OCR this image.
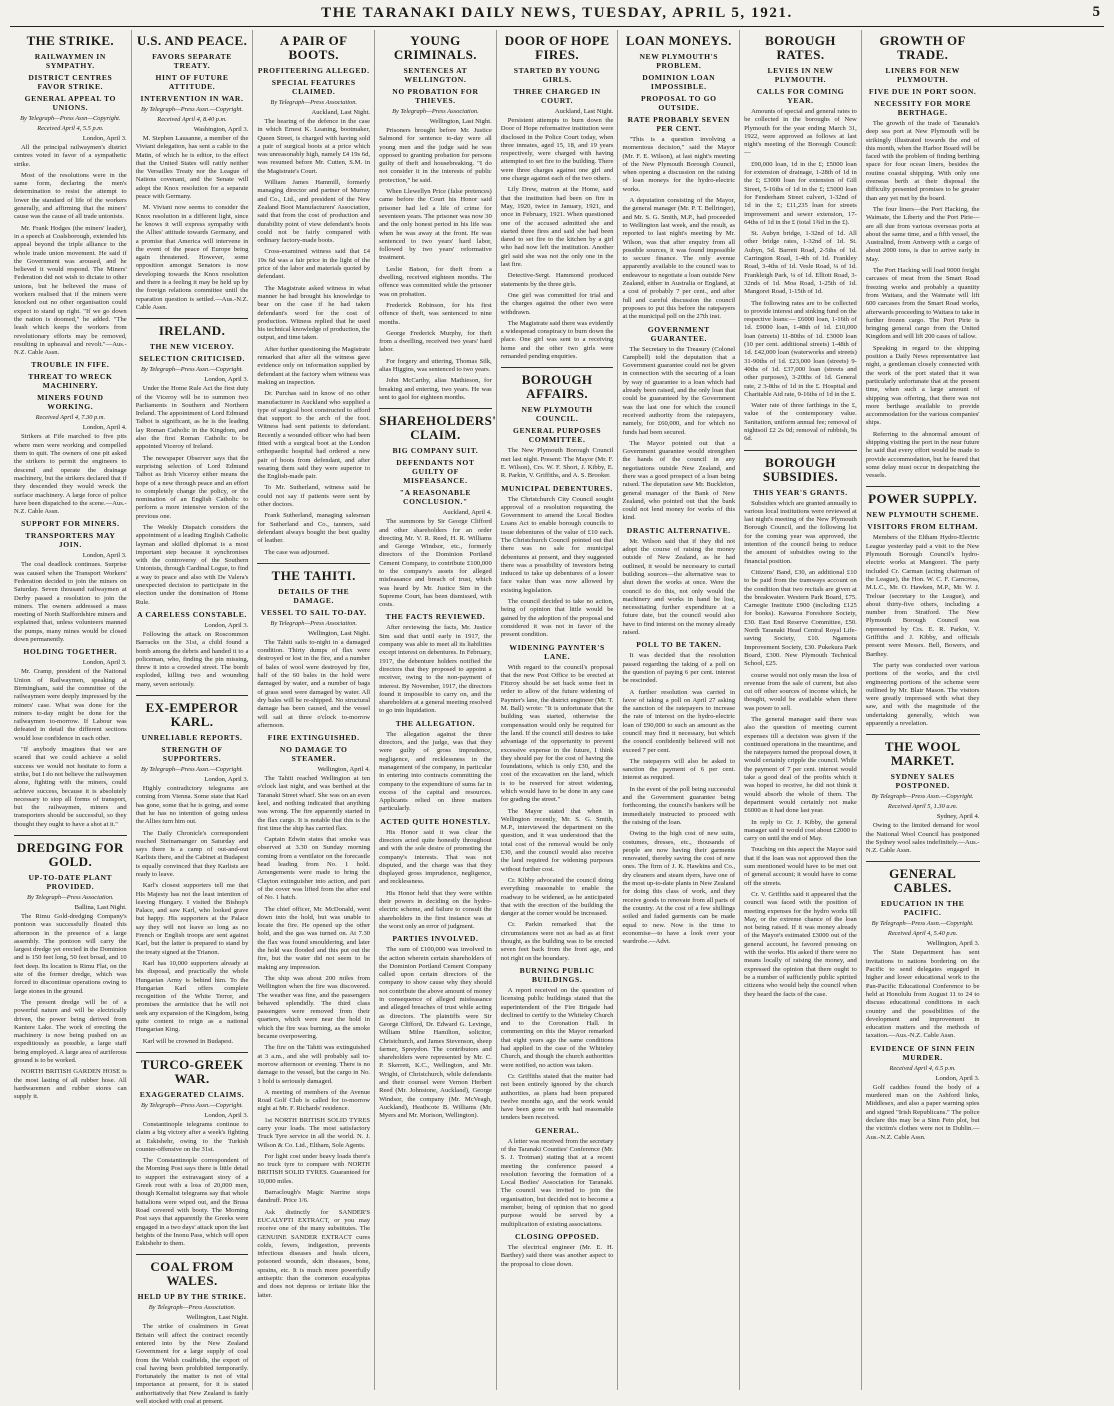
THE TARANAKI DAILY NEWS, TUESDAY, APRIL 5, 1921.	5
THE STRIKE.
RAILWAYMEN IN SYMPATHY.
DISTRICT CENTRES FAVOR STRIKE.
GENERAL APPEAL TO UNIONS.
By Telegraph—Press Assn—Copyright.
Received April 4, 5.5 p.m.
London, April 3.
All the principal railwaymen's district centres voted in favor of a sympathetic strike.
Most of the resolutions were in the same form, declaring the men's determination to resist the attempt to lower the standard of life of the workers generally, and affirming that the miners' cause was the cause of all trade unionists.
Mr. Frank Hodges (the miners' leader), in a speech at Coalsborough, extended his appeal beyond the triple alliance to the whole trade union movement. He said if the Government was aroused, and he believed it would respond. The Miners' Federation did not wish to dictate to other unions, but he believed the mass of workers realised that if the miners were knocked out no other organisation could expect to stand up right. "If we go down the nation is doomed," he added. "The leash which keeps the workers from revolutionary efforts may be removed, resulting in upheaval and revolt."—Aus.-N.Z. Cable Assn.
TROUBLE IN FIFE.
THREAT TO WRECK MACHINERY.
MINERS FOUND WORKING.
Received April 4, 7.30 p.m.
London, April 4.
Strikers at Fife marched to five pits where men were working and compelled them to quit. The owners of one pit asked the strikers to permit the engineers to descend and operate the drainage machinery, but the strikers declared that if they descended they would wreck the surface machinery. A large force of police have been dispatched to the scene.—Aus.-N.Z. Cable Assn.
SUPPORT FOR MINERS.
TRANSPORTERS MAY JOIN.
London, April 3.
The coal deadlock continues. Surprise was caused when the Transport Workers' Federation decided to join the miners on Saturday. Seven thousand railwaymen at Derby passed a resolution to join the miners. The owners addressed a mass meeting of North Staffordshire miners and explained that, unless volunteers manned the pumps, many mines would be closed down permanently.
HOLDING TOGETHER.
London, April 3.
Mr. Cramp, president of the National Union of Railwaymen, speaking at Birmingham, said the committee of the railwaymen were deeply impressed by the miners' case. What was done for the miners to-day might be done for the railwaymen to-morrow. If Labour was defeated in detail the different sections would lose confidence in each other.
"If anybody imagines that we are scared that we could achieve a solid success we would not hesitate to form a strike, but I do not believe the railwaymen alone, fighting with the miners, could achieve success, because it is absolutely necessary to stop all forms of transport, but the railwaymen, miners and transporters should be successful, so they thought they ought to have a shot at it."
DREDGING FOR GOLD.
UP-TO-DATE PLANT PROVIDED.
By Telegraph—Press Association.
Ballina, Last Night.
The Rimu Gold-dredging Company's pontoon was successfully floated this afternoon in the presence of a large assembly. The pontoon will carry the largest dredge yet erected in the Dominion and is 150 feet long, 50 feet broad, and 10 feet deep. Its location is Rimu Flat, on the site of the former dredge, which was forced to discontinue operations owing to large stones in the ground.
The present dredge will be of a powerful nature and will be electrically driven, the power being derived from Kaniere Lake. The work of erecting the machinery is now being pushed on as expeditiously as possible, a large staff being employed. A large area of auriferous ground is to be worked.
NORTH BRITISH GARDEN HOSE is the most lasting of all rubber hose. All hardwaremen and rubber stores can supply it.
U.S. AND PEACE.
FAVORS SEPARATE TREATY.
HINT OF FUTURE ATTITUDE.
INTERVENTION IN WAR.
By Telegraph—Press Assn.—Copyright.
Received April 4, 8.40 p.m.
Washington, April 3.
M. Stephen Lausanne, a member of the Viviani delegation, has sent a cable to the Matin, of which he is editor, to the effect that the United States will ratify neither the Versailles Treaty nor the League of Nations covenant, and the Senate will adopt the Knox resolution for a separate peace with Germany.
M. Viviani now seems to consider the Knox resolution in a different light, since he knows it will express sympathy with the Allies' attitude towards Germany, and a promise that America will intervene in the event of the peace of Europe being again threatened. However, some opposition amongst Senators is now developing towards the Knox resolution and there is a feeling it may be held up by the foreign relations committee until the reparation question is settled.—Aus.-N.Z. Cable Assn.
IRELAND.
THE NEW VICEROY.
SELECTION CRITICISED.
By Telegraph—Press Assn.—Copyright.
London, April 3.
Under the Home Rule Act the first duty of the Viceroy will be to summon two Parliaments in Southern and Northern Ireland. The appointment of Lord Edmund Talbot is significant, as he is the leading lay Roman Catholic in the Kingdom, and also the first Roman Catholic to be appointed Viceroy of Ireland.
The newspaper Observer says that the surprising selection of Lord Edmund Talbot as Irish Viceroy either means the hope of a new through peace and an effort to completely change the policy, or the nomination of an English Catholic to perform a more intensive version of the previous one.
The Weekly Dispatch considers the appointment of a leading English Catholic layman and skilled diplomat is a most important step because it synchronises with the controversy of the Southern Unionists, through Cardinal Logue, to find a way to peace and also with De Valera's unexpected decision to participate in the election under the domination of Home Rule.
A CARELESS CONSTABLE.
London, April 3.
Following the attack on Roscommon Barracks on the 31st, a child found a bomb among the debris and handed it to a policeman, who, finding the pin missing, threw it into a crowded street. The bomb exploded, killing two and wounding many, seven seriously.
EX-EMPEROR KARL.
UNRELIABLE REPORTS.
STRENGTH OF SUPPORTERS.
By Telegraph—Press Assn.—Copyright.
London, April 3.
Highly contradictory telegrams are coming from Vienna. Some state that Karl has gone, some that he is going, and some that he has no intention of going unless the Allies turn him out.
The Daily Chronicle's correspondent reached Steinamanger on Saturday and says there is a camp of out-and-out Karlists there, and the Cabinet at Budapest is equally convinced that they Karlists are ready to leave.
Karl's closest supporters tell me that His Majesty has not the least intention of leaving Hungary. I visited the Bishop's Palace, and saw Karl, who looked grave but happy. His supporters at the Palace say they will not leave so long as no French or English troops are sent against Karl, but the latter is prepared to stand by the treaty signed at the Trianon.
Karl has 10,000 supporters already at his disposal, and practically the whole Hungarian Army is behind him. To the Hungarian Karl offers complete recognition of the White Terror, and promises the armistice that he will not seek any expansion of the Kingdom, being quite content to reign as a national Hungarian King.
Karl will be crowned in Budapest.
TURCO-GREEK WAR.
EXAGGERATED CLAIMS.
By Telegraph—Press Assn.—Copyright.
London, April 3.
Constantinople telegrams continue to claim a big victory after a week's fighting at Eskishehr, owing to the Turkish counter-offensive on the 31st.
The Constantinople correspondent of the Morning Post says there is little detail to support the extravagant story of a Greek rout with a loss of 20,000 men, though Kemalist telegrams say that whole battalions were wiped out, and the Brusa Road covered with booty. The Morning Post says that apparently the Greeks were engaged in a two days' attack upon the last heights of the Inonu Pass, which will open Eskishehr to them.
COAL FROM WALES.
HELD UP BY THE STRIKE.
By Telegraph—Press Association.
Wellington, Last Night.
The strike of coalminers in Great Britain will affect the contract recently entered into by the New Zealand Government for a large supply of coal from the Welsh coalfields, the export of coal having been prohibited temporarily. Fortunately the matter is not of vital importance at present, for it is stated authoritatively that New Zealand is fairly well stocked with coal at present.
A PAIR OF BOOTS.
PROFITEERING ALLEGED.
SPECIAL FEATURES CLAIMED.
By Telegraph—Press Association.
Auckland, Last Night.
The hearing of the defence in the case in which Ernest K. Leaning, bootmaker, Queen Street, is charged with having sold a pair of surgical boots at a price which was unreasonably high, namely £4 19s 6d, was resumed before Mr. Cutten, S.M. in the Magistrate's Court.
William James Hammill, formerly managing director and partner of Murray and Co., Ltd., and president of the New Zealand Boot Manufacturers' Association, said that from the cost of production and durability point of view defendant's boots could not be fairly compared with ordinary factory-made boots.
Cross-examined witness said that £4 19s 6d was a fair price in the light of the price of the labor and materials quoted by defendant.
The Magistrate asked witness in what manner he had brought his knowledge to bear on the case if he had taken defendant's word for the cost of production. Witness replied that he used his technical knowledge of production, the output, and time taken.
After further questioning the Magistrate remarked that after all the witness gave evidence only on information supplied by defendant at the factory when witness was making an inspection.
Dr. Purchas said in know of no other manufacturer in Auckland who supplied a type of surgical boot constructed to afford that support to the arch of the foot. Witness had sent patients to defendant. Recently a wounded officer who had been fitted with a surgical boot at the London orthopaedic hospital had ordered a new pair of boots from defendant, and after wearing them said they were superior to the English-made pair.
To Mr. Sutherland, witness said he could not say if patients were sent by other doctors.
Frank Sutherland, managing salesman for Sutherland and Co., tanners, said defendant always bought the best quality of leather.
The case was adjourned.
THE TAHITI.
DETAILS OF THE DAMAGE.
VESSEL TO SAIL TO-DAY.
By Telegraph—Press Association.
Wellington, Last Night.
The Tahiti sails to-night in a damaged condition. Thirty dumps of flax were destroyed or lost in the fire, and a number of bales of wool were destroyed by fire, half of the 60 bales in the hold were damaged by water, and a number of bags of grass seed were damaged by water. All dry bales will be re-shipped. No structural damage has been caused, and the vessel will sail at three o'clock to-morrow afternoon.
FIRE EXTINGUISHED.
NO DAMAGE TO STEAMER.
Wellington, April 4.
The Tahiti reached Wellington at ten o'clock last night, and was berthed at the Taranaki Street wharf. She was on an even keel, and nothing indicated that anything was wrong. The fire apparently started in the flax cargo. It is notable that this is the first time the ship has carried flax.
Captain Edwin states that smoke was observed at 3.30 on Sunday morning coming from a ventilator on the forecastle head leading from No. 1 hold. Arrangements were made to bring the Clayton extinguisher into action, and part of the cover was lifted from the after end of No. 1 hatch.
The chief officer, Mr. McDonald, went down into the hold, but was unable to locate the fire. He opened up the other hold, and the gas was turned on. At 7.30 the flax was found smouldering, and later the hold was flooded and this put out the fire, but the water did not seem to be making any impression.
The ship was about 200 miles from Wellington when the fire was discovered. The weather was fine, and the passengers behaved splendidly. The third class passengers were removed from their quarters, which were near the hold in which the fire was burning, as the smoke became overpowering.
The fire on the Tahiti was extinguished at 3 a.m., and she will probably sail to-morrow afternoon or evening. There is no damage to the vessel, but the cargo in No. 1 hold is seriously damaged.
A meeting of members of the Avenue Road Golf Club is called for to-morrow night at Mr. F. Richards' residence.
1st NORTH BRITISH SOLID TYRES carry your loads. The most satisfactory Truck Tyre service in all the world. N. J. Wilson & Co. Ltd., Eltham, Sole Agents.
For light cost under heavy loads there's no truck tyre to compare with NORTH BRITISH SOLID TYRES. Guaranteed for 10,000 miles.
Barraclough's Magic Narrine stops dandruff. Price 1/6.
Ask distinctly for SANDER'S EUCALYPTI EXTRACT, or you may receive one of the many substitutes. The GENUINE SANDER EXTRACT cures colds, fevers, indigestion, prevents infectious diseases and heals ulcers, poisoned wounds, skin diseases, bone, sprains, etc. It is much more powerfully antiseptic than the common eucalyptus and does not depress or irritate like the latter.
YOUNG CRIMINALS.
SENTENCES AT WELLINGTON.
NO PROBATION FOR THIEVES.
By Telegraph—Press Association.
Wellington, Last Night.
Prisoners brought before Mr. Justice Salmond for sentence to-day were all young men and the judge said he was opposed to granting probation for persons guilty of theft and housebreaking. "I do not consider it in the interests of public protection," he said.
When Llewellyn Price (false pretences) came before the Court his Honor said prisoner had led a life of crime for seventeen years. The prisoner was now 30 and the only honest period in his life was when he was away at the front. He was sentenced to two years' hard labor, followed by two years' reformative treatment.
Leslie Batson, for theft from a dwelling, received eighteen months. The offence was committed while the prisoner was on probation.
Frederick Robinson, for his first offence of theft, was sentenced to nine months.
George Frederick Murphy, for theft from a dwelling, received two years' hard labor.
For forgery and uttering, Thomas Silk, alias Higgins, was sentenced to two years.
John McCarthy, alias Mathieson, for breaking and entering, two years. He was sent to gaol for eighteen months.
SHAREHOLDERS' CLAIM.
BIG COMPANY SUIT.
DEFENDANTS NOT GUILTY OF MISFEASANCE.
"A REASONABLE CONCLUSION."
Auckland, April 4.
The summons by Sir George Clifford and other shareholders for an order directing Mr. V. R. Reed, H. R. Williams and George Windsor, etc., formerly directors of the Dominion Portland Cement Company, to contribute £100,000 to the company's assets for alleged misfeasance and breach of trust, which was heard by Mr. Justice Sim in the Supreme Court, has been dismissed, with costs.
THE FACTS REVIEWED.
After reviewing the facts, Mr. Justice Sim said that until early in 1917, the company was able to meet all its liabilities except interest on debentures. In February, 1917, the debenture holders notified the directors that they proposed to appoint a receiver, owing to the non-payment of interest. By November, 1917, the directors found it impossible to carry on, and the shareholders at a general meeting resolved to go into liquidation.
THE ALLEGATION.
The allegation against the three directors, and the judge, was that they were guilty of gross imprudence, negligence, and recklessness in the management of the company, in particular in entering into contracts committing the company to the expenditure of sums far in excess of the capital and resources. Applicants relied on three matters particularly.
ACTED QUITE HONESTLY.
His Honor said it was clear the directors acted quite honestly throughout and with the sole desire of promoting the company's interests. That was not disputed, and the charge was that they displayed gross imprudence, negligence, and recklessness.
His Honor held that they were within their powers in deciding on the hydro-electric scheme, and failure to consult the shareholders in the first instance was at the worst only an error of judgment.
PARTIES INVOLVED.
The sum of £100,000 was involved in the action wherein certain shareholders of the Dominion Portland Cement Company called upon certain directors of the company to show cause why they should not contribute the above amount of money in consequence of alleged misfeasance and alleged breaches of trust while acting as directors. The plaintiffs were Sir George Clifford, Dr. Edward G. Levinge, William Milne Hamilton, solicitor, Christchurch, and James Stevenson, sheep farmer, Spreydon. The contributors and shareholders were represented by Mr. C. P. Skerrett, K.C., Wellington, and Mr. Wright, of Christchurch, while defendants and their counsel were Vernon Herbert Reed (Mr. Johnstone, Auckland), George Windsor, the company (Mr. McVeagh, Auckland), Heathcote B. Williams (Mr. Myers and Mr. Morison, Wellington).
DOOR OF HOPE FIRES.
STARTED BY YOUNG GIRLS.
THREE CHARGED IN COURT.
Auckland, Last Night.
Persistent attempts to burn down the Door of Hope reformative institution were disclosed in the Police Court today, when three inmates, aged 15, 18, and 19 years respectively, were charged with having attempted to set fire to the building. There were three charges against one girl and one charge against each of the two others.
Lily Drew, matron at the Home, said that the institution had been on fire in May, 1920, twice in January, 1921, and once in February, 1921. When questioned one of the accused admitted she and started three fires and said she had been dared to set fire to the kitchen by a girl who had now left the institution. Another girl said she was not the only one in the last fire.
Detective-Sergt. Hammond produced statements by the three girls.
One girl was committed for trial and the charges against the other two were withdrawn.
The Magistrate said there was evidently a widespread conspiracy to burn down the place. One girl was sent to a receiving home and the other two girls were remanded pending enquiries.
BOROUGH AFFAIRS.
NEW PLYMOUTH COUNCIL.
GENERAL PURPOSES COMMITTEE.
The New Plymouth Borough Council met last night. Present: The Mayor (Mr. F. E. Wilson), Crs. W. F. Short, J. Kibby, E. R. Parkin, V. Griffiths, and A. S. Brooker.
MUNICIPAL DEBENTURES.
The Christchurch City Council sought approval of a resolution requesting the Government to amend the Local Bodies Loans Act to enable borough councils to issue debentures of the value of £10 each. The Christchurch Council pointed out that there was no sale for municipal debentures at present, and they suggested there was a possibility of investors being induced to take up debentures of a lower face value than was now allowed by existing legislation.
The council decided to take no action, being of opinion that little would be gained by the adoption of the proposal and considered it was not in favor of the present condition.
WIDENING PAYNTER'S LANE.
With regard to the council's proposal that the new Post Office to be erected at Fitzroy should be set back some feet in order to allow of the future widening of Paynter's lane, the district engineer (Mr. T. M. Ball) wrote: "It is unfortunate that the building was started, otherwise the compensation would only be required for the land. If the council still desires to take advantage of the opportunity to prevent excessive expense in the future, I think they should pay for the cost of having the foundations, which is only £30, and the cost of the excavation on the land, which is to be reserved for street widening, which would have to be done in any case for grading the street."
The Mayor stated that when in Wellington recently, Mr. S. G. Smith, M.P., interviewed the department on the question, and it was understood that the total cost of the removal would be only £30, and the council would also receive the land required for widening purposes without further cost.
Cr. Kibby advocated the council doing everything reasonable to enable the roadway to be widened, as he anticipated that with the erection of the building the danger at the corner would be increased.
Cr. Parkin remarked that the circumstances were not as bad as at first thought, as the building was to be erected seven feet back from the front age, and not right on the boundary.
BURNING PUBLIC BUILDINGS.
A report received on the question of licensing public buildings stated that the superintendent of the Fire Brigade had declined to certify to the Whiteley Church and to the Coronation Hall. In commenting on this the Mayor remarked that eight years ago the same conditions had applied in the case of the Whiteley Church, and though the church authorities were notified, no action was taken.
Cr. Griffiths stated that the matter had not been entirely ignored by the church authorities, as plans had been prepared twelve months ago, and the work would have been gone on with had reasonable tenders been received.
GENERAL.
A letter was received from the secretary of the Taranaki Counties' Conference (Mr. S. J. Trotman) stating that at a recent meeting the conference passed a resolution favoring the formation of a Local Bodies' Association for Taranaki. The council was invited to join the organisation, but decided not to become a member, being of opinion that no good purpose would be served by a multiplication of existing associations.
CLOSING OPPOSED.
The electrical engineer (Mr. E. H. Barthey) said there was another aspect to the proposal to close down.
LOAN MONEYS.
NEW PLYMOUTH'S PROBLEM.
DOMINION LOAN IMPOSSIBLE.
PROPOSAL TO GO OUTSIDE.
RATE PROBABLY SEVEN PER CENT.
"This is a question involving a momentous decision," said the Mayor (Mr. F. E. Wilson), at last night's meeting of the New Plymouth Borough Council, when opening a discussion on the raising of loan moneys for the hydro-electric works.
A deputation consisting of the Mayor, the general manager (Mr. P. T. Bellringer), and Mr. S. G. Smith, M.P., had proceeded to Wellington last week, and the result, as reported to last night's meeting by Mr. Wilson, was that after enquiry from all possible sources, it was found impossible to secure finance. The only avenue apparently available to the council was to endeavour to negotiate a loan outside New Zealand, either in Australia or England, at a cost of probably 7 per cent., and after full and careful discussion the council proposes to put this before the ratepayers at the municipal poll on the 27th inst.
GOVERNMENT GUARANTEE.
The Secretary to the Treasury (Colonel Campbell) told the deputation that a Government guarantee could not be given in connection with the securing of a loan by way of guarantee to a loan which had already been raised, and the only loan that could be guaranteed by the Government was the last one for which the council received authority from the ratepayers, namely, for £60,000, and for which no funds had been secured.
The Mayor pointed out that a Government guarantee would strengthen the hands of the council in any negotiations outside New Zealand, and there was a good prospect of a loan being raised. The deputation saw Mr. Buckleton, general manager of the Bank of New Zealand, who pointed out that the bank could not lend money for works of this kind.
DRASTIC ALTERNATIVE.
Mr. Wilson said that if they did not adopt the course of raising the money outside of New Zealand, as he had outlined, it would be necessary to curtail building sources—the alternative was to shut down the works at once. Were the council to do this, not only would the machinery and works in hand be lost, necessitating further expenditure at a future date, but the council would also have to find interest on the money already raised.
POLL TO BE TAKEN.
It was decided that the resolution passed regarding the taking of a poll on the question of paying 6 per cent. interest be rescinded.
A further resolution was carried in favor of taking a poll on April 27 asking the sanction of the ratepayers to increase the rate of interest on the hydro-electric loan of £90,000 to such an amount as the council may find it necessary, but which the council confidently believed will not exceed 7 per cent.
The ratepayers will also be asked to sanction the payment of 6 per cent. interest as required.
In the event of the poll being successful and the Government guarantee being forthcoming, the council's bankers will be immediately instructed to proceed with the raising of the loan.
Owing to the high cost of new suits, costumes, dresses, etc., thousands of people are now having their garments renovated, thereby saving the cost of new ones. The firm of J. K. Hawkins and Co., dry cleaners and steam dyers, have one of the most up-to-date plants in New Zealand for doing this class of work, and they receive goods to renovate from all parts of the country. At the cost of a few shillings soiled and faded garments can be made equal to new. Now is the time to economise—to have a look over your wardrobe.—Advt.
BOROUGH RATES.
LEVIES IN NEW PLYMOUTH.
CALLS FOR COMING YEAR.
Amounts of special and general rates to be collected in the boroughs of New Plymouth for the year ending March 31, 1922, were approved as follows at last night's meeting of the Borough Council:—
£90,000 loan, 1d in the £; £5000 loan for extension of drainage, 1-28th of 1d in the £; £3000 loan for extension of Gill Street, 5-16ths of 1d in the £; £5000 loan for Fenderham Street culvert, 1-32nd of 1d in the £; £11,235 loan for streets improvement and sewer extension, 17-64ths of 1d in the £ (total 1¾d in the £).
St. Aubyn bridge, 1-32nd of 1d. All other bridge rates, 1-32nd of 1d. St. Aubyn, 5d. Barrett Road, 2-5ths of 1d. Carrington Road, 1-4th of 1d. Frankley Road, 3-4ths of 1d. Vesle Road, ¼ of 1d. Frankleigh Park, ¼ of 1d. Elliott Road, 3-32nds of 1d. Moa Road, 1-25th of 1d. Mangorei Road, 1-15th of 1d.
The following rates are to be collected to provide interest and sinking fund on the respective loans:— £6000 loan, 1-16th of 1d. £9000 loan, 1-48th of 1d. £10,000 loan (streets) 11-80ths of 1d. £3000 loan (10 per cent. additional streets) 1-48th of 1d. £42,000 loan (waterworks and streets) 31-90ths of 1d. £23,000 loan (streets) 9-40ths of 1d. £37,000 loan (streets and other purposes), 3-20ths of 1d. General rate, 2 3-8ths of 1d in the £. Hospital and Charitable Aid rate, 9-16ths of 1d in the £.
Water rate of three farthings in the £, value of the contemporary value. Sanitation, uniform annual fee; removal of nightsoil £2 2s 0d; removal of rubbish, 9s 6d.
BOROUGH SUBSIDIES.
THIS YEAR'S GRANTS.
Subsidies which are granted annually to various local institutions were reviewed at last night's meeting of the New Plymouth Borough Council, and the following list for the coming year was approved, the intention of the council being to reduce the amount of subsidies owing to the financial position.
Citizens' Band, £30, an additional £10 to be paid from the tramways account on the condition that two recitals are given at the breakwater. Western Park Board, £75. Carnegie Institute £900 (including £125 for books). Kawaroa Foreshore Society, £30. East End Reserve Committee, £50. North Taranaki Head Central Royal Life-saving Society, £10. Ngamotu Improvement Society, £30. Pukekura Park Board, £300. New Plymouth Technical School, £25.
course would not only mean the loss of revenue from the sale of current, but also cut off other sources of income which, he thought, would be available when there was power to sell.
The general manager said there was also the question of meeting current expenses till a decision was given if the continued operations in the meantime, and the ratepayers turned the proposal down, it would certainly cripple the council. While the payment of 7 per cent. interest would take a good deal of the profits which it was hoped to receive, he did not think it would absorb the whole of them. The department would certainly not make £6000 as it had done last year.
In reply to Cr. J. Kibby, the general manager said it would cost about £2000 to carry on until the end of May.
Touching on this aspect the Mayor said that if the loan was not approved then the sum mentioned would have to be met out of general account; it would have to come off the streets.
Cr. V. Griffiths said it appeared that the council was faced with the position of meeting expenses for the hydro works till May, or the extreme chance of the loan not being raised. If it was money already of the Mayor's estimated £3000 out of the general account, he favored pressing on with the works. His asked if there were no means locally of raising the money, and expressed the opinion that there ought to be a number of sufficiently public spirited citizens who would help the council when they heard the facts of the case.
GROWTH OF TRADE.
LINERS FOR NEW PLYMOUTH.
FIVE DUE IN PORT SOON.
NECESSITY FOR MORE BERTHAGE.
The growth of the trade of Taranaki's deep sea port at New Plymouth will be strikingly illustrated towards the end of this month, when the Harbor Board will be faced with the problem of finding berthing space for four ocean liners, besides the routine coastal shipping. With only one overseas berth at their disposal the difficulty presented promises to be greater than any yet met by the board.
The four liners—the Port Hacking, the Waimate, the Liberty and the Port Pirie—are all due from various overseas ports at about the same time, and a fifth vessel, the Australind, from Antwerp with a cargo of about 2000 tons, is due to arrive early in May.
The Port Hacking will load 9000 freight carcases of meat from the Smart Road freezing works and probably a quantity from Waitara, and the Waimate will lift 600 carcases from the Smart Road works, afterwards proceeding to Waitara to take in further frozen cargo. The Port Pirie is bringing general cargo from the United Kingdom and will lift 200 cases of tallow.
Speaking in regard to the shipping position a Daily News representative last night, a gentleman closely connected with the work of the port stated that it was particularly unfortunate that at the present time, when such a large amount of shipping was offering, that there was not more berthage available to provide accommodation for the various companies' ships.
Referring to the abnormal amount of shipping visiting the port in the near future he said that every effort would be made to provide accommodation, but he feared that some delay must occur in despatching the vessels.
POWER SUPPLY.
NEW PLYMOUTH SCHEME.
VISITORS FROM ELTHAM.
Members of the Eltham Hydro-Electric League yesterday paid a visit to the New Plymouth Borough Council's hydro-electric works at Mangorei. The party included Cr. Carman (acting chairman of the League), the Hon. W. C. F. Carncross, M.L.C., Mr. O. Hawken, M.P., Mr. W. J. Treloar (secretary to the League), and about thirty-five others, including a number from Stratford. The New Plymouth Borough Council was represented by Crs. E. R. Parkin, V. Griffiths and J. Kibby, and officials present were Messrs. Bell, Bowers, and Barthey.
The party was conducted over various portions of the works, and the civil engineering portions of the scheme were outlined by Mr. Blair Mason. The visitors were greatly impressed with what they saw, and with the magnitude of the undertaking generally, which was apparently a revelation.
THE WOOL MARKET.
SYDNEY SALES POSTPONED.
By Telegraph—Press Assn.—Copyright.
Received April 5, 1.30 a.m.
Sydney, April 4.
Owing to the limited demand for wool the National Wool Council has postponed the Sydney wool sales indefinitely.—Aus.-N.Z. Cable Assn.
GENERAL CABLES.
EDUCATION IN THE PACIFIC.
By Telegraph—Press Assn.—Copyright.
Received April 4, 5.40 p.m.
Wellington, April 3.
The State Department has sent invitations to nations bordering on the Pacific to send delegates engaged in higher and lower educational work to the Pan-Pacific Educational Conference to be held at Honolulu from August 11 to 24 to discuss educational conditions in each country and the possibilities of the development and improvement in education matters and the methods of taxation.—Aus.-N.Z. Cable Assn.
EVIDENCE OF SINN FEIN MURDER.
Received April 4, 6.5 p.m.
London, April 3.
Golf caddies found the body of a murdered man on the Ashford links, Middlesex, and also a paper warning spies and signed "Irish Republicans." The police declare this may be a Sinn Fein plot, but the victim's clothes were not in Dublin.—Aus.-N.Z. Cable Assn.
